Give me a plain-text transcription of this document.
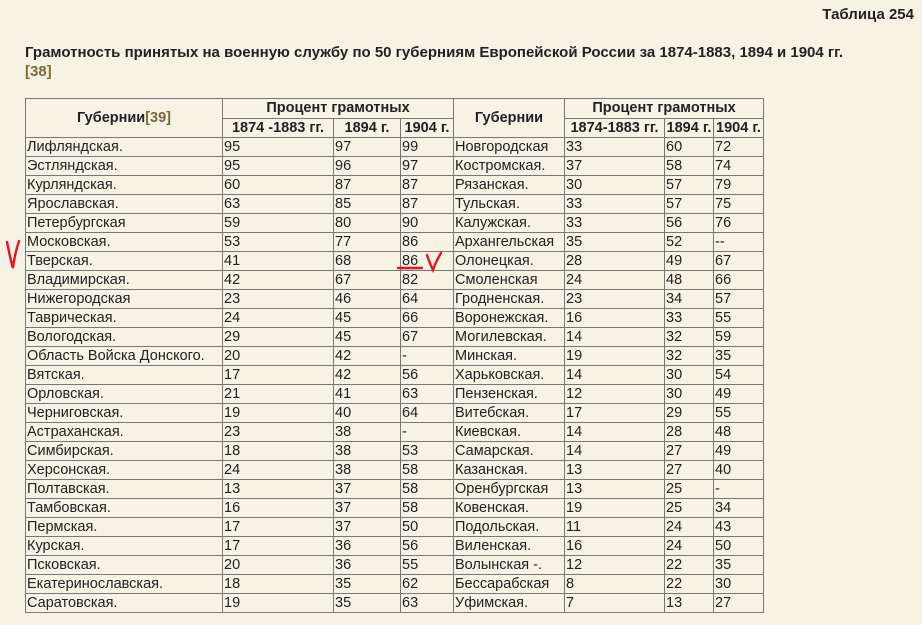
Таблица 254
Грамотность принятых на военную службу по 50 губерниям Европейской России за 1874-1883, 1894 и 1904 гг.
[38]
Губернии[39]	Процент грамотных			Губернии	Процент грамотных		
	1874 -1883 гг.	1894 г.	1904 г.		1874-1883 гг.	1894 г.	1904 г.
Лифляндская.	95	97	99	Новгородская	33	60	72
Эстляндская.	95	96	97	Костромская.	37	58	74
Курляндская.	60	87	87	Рязанская.	30	57	79
Ярославская.	63	85	87	Тульская.	33	57	75
Петербургская	59	80	90	Калужская.	33	56	76
Московская.	53	77	86	Архангельская	35	52	--
Тверская.	41	68	86	Олонецкая.	28	49	67
Владимирская.	42	67	82	Смоленская	24	48	66
Нижегородская	23	46	64	Гродненская.	23	34	57
Таврическая.	24	45	66	Воронежская.	16	33	55
Вологодская.	29	45	67	Могилевская.	14	32	59
Область Войска Донского.	20	42	-	Минская.	19	32	35
Вятская.	17	42	56	Харьковская.	14	30	54
Орловская.	21	41	63	Пензенская.	12	30	49
Черниговская.	19	40	64	Витебская.	17	29	55
Астраханская.	23	38	-	Киевская.	14	28	48
Симбирская.	18	38	53	Самарская.	14	27	49
Херсонская.	24	38	58	Казанская.	13	27	40
Полтавская.	13	37	58	Оренбургская	13	25	-
Тамбовская.	16	37	58	Ковенская.	19	25	34
Пермская.	17	37	50	Подольская.	11	24	43
Курская.	17	36	56	Виленская.	16	24	50
Псковская.	20	36	55	Волынская -.	12	22	35
Екатеринославская.	18	35	62	Бессарабская	8	22	30
Саратовская.	19	35	63	Уфимская.	7	13	27
